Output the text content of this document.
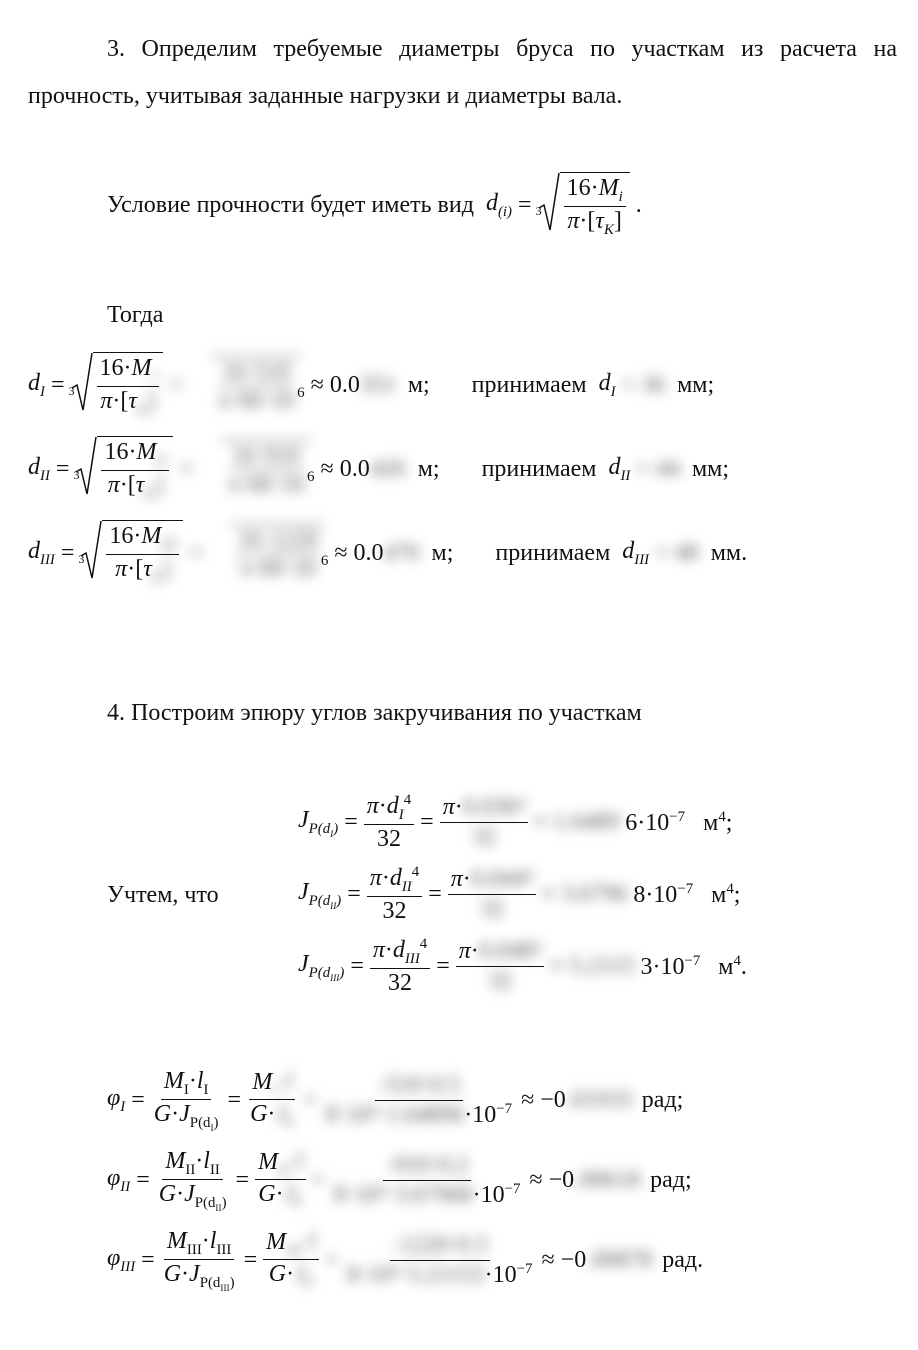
3. Определим требуемые диаметры бруса по участкам из расчета на
прочность, учитывая заданные нагрузки и диаметры вала.
Условие прочности будет иметь вид $d_{(i)} = 3 \frac{16\cdot M_i}{\pi\cdot[\tau_K]}$ .
Тогда
$d_I = 3 \frac{16\cdot M_I}{\pi\cdot[\tau_K]} = \frac{16\cdot 510}{\pi\cdot 60\cdot 10} 6 \approx 0.0351$ м; принимаем $d_I = 36$ мм;
$d_{II} = 3 \frac{16\cdot M_{II}}{\pi\cdot[\tau_K]} = \frac{16\cdot 910}{\pi\cdot 60\cdot 10} 6 \approx 0.0426$ м; принимаем $d_{II} = 44$ мм;
$d_{III} = 3 \frac{16\cdot M_{III}}{\pi\cdot[\tau_K]} = \frac{16\cdot 1220}{\pi\cdot 60\cdot 10} 6 \approx 0.0470$ м; принимаем $d_{III} = 48$ мм.
4. Построим эпюру углов закручивания по участкам
Учтем, что
$J_{P(d_I)} = \frac{\pi\cdot d_I^4}{32} = \frac{\text{π·0.036⁴}}{32} \approx 1.6489$ $6\cdot 10^{-7}$ $м^4$;
$J_{P(d_{II})} = \frac{\pi\cdot d_{II}^4}{32} = \frac{\text{π·0.044⁴}}{32} \approx 3.6796$ $8\cdot 10^{-7}$ $м^4$;
$J_{P(d_{III})} = \frac{\pi\cdot d_{III}^4}{32} = \frac{\text{π·0.048⁴}}{32} \approx 5.2115$ $3\cdot 10^{-7}$ $м^4$.
$\varphi_I = \frac{M_I\cdot l_I}{G\cdot J_{P(d_I)}} = \frac{M_I\cdot l}{G\cdot J_P} = \frac{-510\cdot 0.5}{8\cdot 10^9\cdot 1.64896\cdot 10^{-7}} \approx -0.01933$ рад;
$\varphi_{II} = \frac{M_{II}\cdot l_{II}}{G\cdot J_{P(d_{II})}} = \frac{M_{II}\cdot l}{G\cdot J_P} = \frac{-910\cdot 0.2}{8\cdot 10^9\cdot 3.67968\cdot 10^{-7}} \approx -0.00618$ рад;
$\varphi_{III} = \frac{M_{III}\cdot l_{III}}{G\cdot J_{P(d_{III})}} = \frac{M_{III}\cdot l}{G\cdot J_P} = \frac{-1220\cdot 0.3}{8\cdot 10^9\cdot 5.21153\cdot 10^{-7}} \approx -0.00878$ рад.
